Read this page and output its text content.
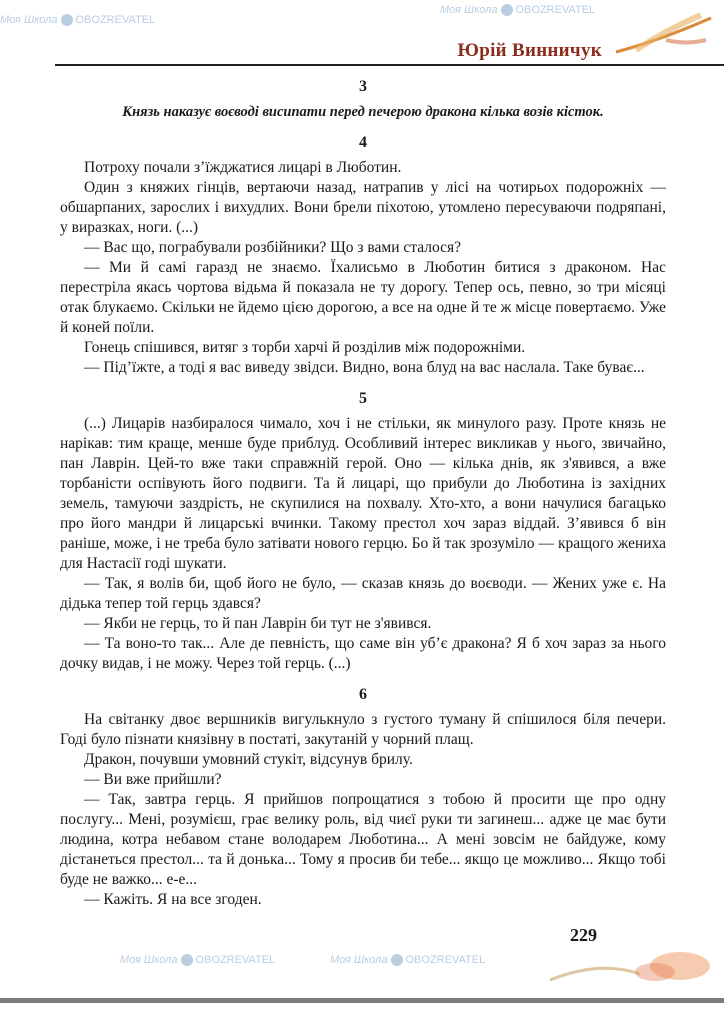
Моя Школа OBOZREVATEL
Моя Школа OBOZREVATEL
Юрій Винничук
3
Князь наказує воєводі висипати перед печерою дракона кілька возів кісток.
4

Потроху почали з’їжджатися лицарі в Люботин.

Один з княжих гінців, вертаючи назад, натрапив у лісі на чотирьох подорожніх — обшарпаних, зарослих і вихудлих. Вони брели піхотою, утомлено пересуваючи подряпані, у виразках, ноги. (...)

— Вас що, пограбували розбійники? Що з вами сталося?

— Ми й самі гаразд не знаємо. Їхалисьмо в Люботин битися з драконом. Нас перестріла якась чортова відьма й показала не ту дорогу. Тепер ось, певно, зо три місяці отак блукаємо. Скільки не йдемо цією дорогою, а все на одне й те ж місце повертаємо. Уже й коней поїли.

Гонець спішився, витяг з торби харчі й розділив між подорожніми.

— Під’їжте, а тоді я вас виведу звідси. Видно, вона блуд на вас наслала. Таке буває...

5

(...) Лицарів назбиралося чимало, хоч і не стільки, як минулого разу. Проте князь не нарікав: тим краще, менше буде приблуд. Особливий інтерес викликав у нього, звичайно, пан Лаврін. Цей-то вже таки справжній герой. Оно — кілька днів, як з'явився, а вже торбаністи оспівують його подвиги. Та й лицарі, що прибули до Люботина із західних земель, тамуючи заздрість, не скупилися на похвалу. Хто-хто, а вони начулися багацько про його мандри й лицарські вчинки. Такому престол хоч зараз віддай. З’явився б він раніше, може, і не треба було затівати нового герцю. Бо й так зрозуміло — кращого жениха для Настасії годі шукати.

— Так, я волів би, щоб його не було, — сказав князь до воєводи. — Жених уже є. На дідька тепер той герць здався?

— Якби не герць, то й пан Лаврін би тут не з'явився.

— Та воно-то так... Але де певність, що саме він уб’є дракона? Я б хоч зараз за нього дочку видав, і не можу. Через той герць. (...)

6

На світанку двоє вершників вигулькнуло з густого туману й спішилося біля печери. Годі було пізнати князівну в постаті, закутаній у чорний плащ.

Дракон, почувши умовний стукіт, відсунув брилу.

— Ви вже прийшли?

— Так, завтра герць. Я прийшов попрощатися з тобою й просити ще про одну послугу... Мені, розумієш, грає велику роль, від чиєї руки ти загинеш... адже це має бути людина, котра небавом стане володарем Люботина... А мені зовсім не байдуже, кому дістанеться престол... та й донька... Тому я просив би тебе... якщо це можливо... Якщо тобі буде не важко... е-е...

— Кажіть. Я на все згоден.

Моя Школа OBOZREVATEL	Моя Школа OBOZREVATEL
229
